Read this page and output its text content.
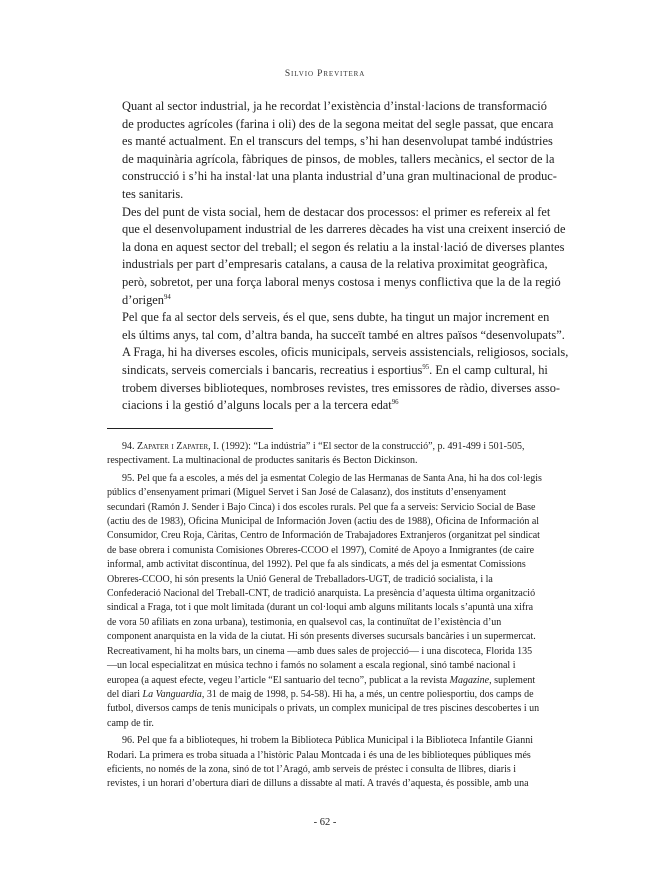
Silvio Previtera

Quant al sector industrial, ja he recordat l’existència d’instal·lacions de transformació
de productes agrícoles (farina i oli) des de la segona meitat del segle passat, que encara
es manté actualment. En el transcurs del temps, s’hi han desenvolupat també indústries
de maquinària agrícola, fàbriques de pinsos, de mobles, tallers mecànics, el sector de la
construcció i s’hi ha instal·lat una planta industrial d’una gran multinacional de produc-
tes sanitaris.

Des del punt de vista social, hem de destacar dos processos: el primer es refereix al fet
que el desenvolupament industrial de les darreres dècades ha vist una creixent inserció de
la dona en aquest sector del treball; el segon és relatiu a la instal·lació de diverses plantes
industrials per part d’empresaris catalans, a causa de la relativa proximitat geogràfica,
però, sobretot, per una força laboral menys costosa i menys conflictiva que la de la regió
d’origen$^{94}$

Pel que fa al sector dels serveis, és el que, sens dubte, ha tingut un major increment en
els últims anys, tal com, d’altra banda, ha succeït també en altres països “desenvolupats”.
A Fraga, hi ha diverses escoles, oficis municipals, serveis assistencials, religiosos, socials,
sindicats, serveis comercials i bancaris, recreatius i esportius$^{95}$. En el camp cultural, hi
trobem diverses biblioteques, nombroses revistes, tres emissores de ràdio, diverses asso-
ciacions i la gestió d’alguns locals per a la tercera edat$^{96}$

94. Zapater i Zapater, I. (1992): “La indústria” i “El sector de la construcció”, p. 491-499 i 501-505, respectivament. La multinacional de productes sanitaris és Becton Dickinson.

95. Pel que fa a escoles, a més del ja esmentat Colegio de las Hermanas de Santa Ana, hi ha dos col·legis públics d’ensenyament primari (Miguel Servet i San José de Calasanz), dos instituts d’ensenyament secundari (Ramón J. Sender i Bajo Cinca) i dos escoles rurals. Pel que fa a serveis: Servicio Social de Base (actiu des de 1983), Oficina Municipal de Información Joven (actiu des de 1988), Oficina de Información al Consumidor, Creu Roja, Càritas, Centro de Información de Trabajadores Extranjeros (organitzat pel sindicat de base obrera i comunista Comisiones Obreres-CCOO el 1997), Comité de Apoyo a Inmigrantes (de caire informal, amb activitat discontínua, del 1992). Pel que fa als sindicats, a més del ja esmentat Comissions Obreres-CCOO, hi són presents la Unió General de Treballadors-UGT, de tradició socialista, i la Confederació Nacional del Treball-CNT, de tradició anarquista. La presència d’aquesta última organització sindical a Fraga, tot i que molt limitada (durant un col·loqui amb alguns militants locals s’apuntà una xifra de vora 50 afiliats en zona urbana), testimonia, en qualsevol cas, la continuïtat de l’existència d’un component anarquista en la vida de la ciutat. Hi són presents diverses sucursals bancàries i un supermercat. Recreativament, hi ha molts bars, un cinema —amb dues sales de projecció— i una discoteca, Florida 135 —un local especialitzat en música techno i famós no solament a escala regional, sinó també nacional i europea (a aquest efecte, vegeu l’article “El santuario del tecno”, publicat a la revista Magazine, suplement del diari La Vanguardia, 31 de maig de 1998, p. 54-58). Hi ha, a més, un centre poliesportiu, dos camps de futbol, diversos camps de tenis municipals o privats, un complex municipal de tres piscines descobertes i un camp de tir.

96. Pel que fa a biblioteques, hi trobem la Biblioteca Pública Municipal i la Biblioteca Infantile Gianni Rodari. La primera es troba situada a l’històric Palau Montcada i és una de les biblioteques públiques més eficients, no només de la zona, sinó de tot l’Aragó, amb serveis de préstec i consulta de llibres, diaris i revistes, i un horari d’obertura diari de dilluns a dissabte al matí. A través d’aquesta, és possible, amb una

- 62 -
